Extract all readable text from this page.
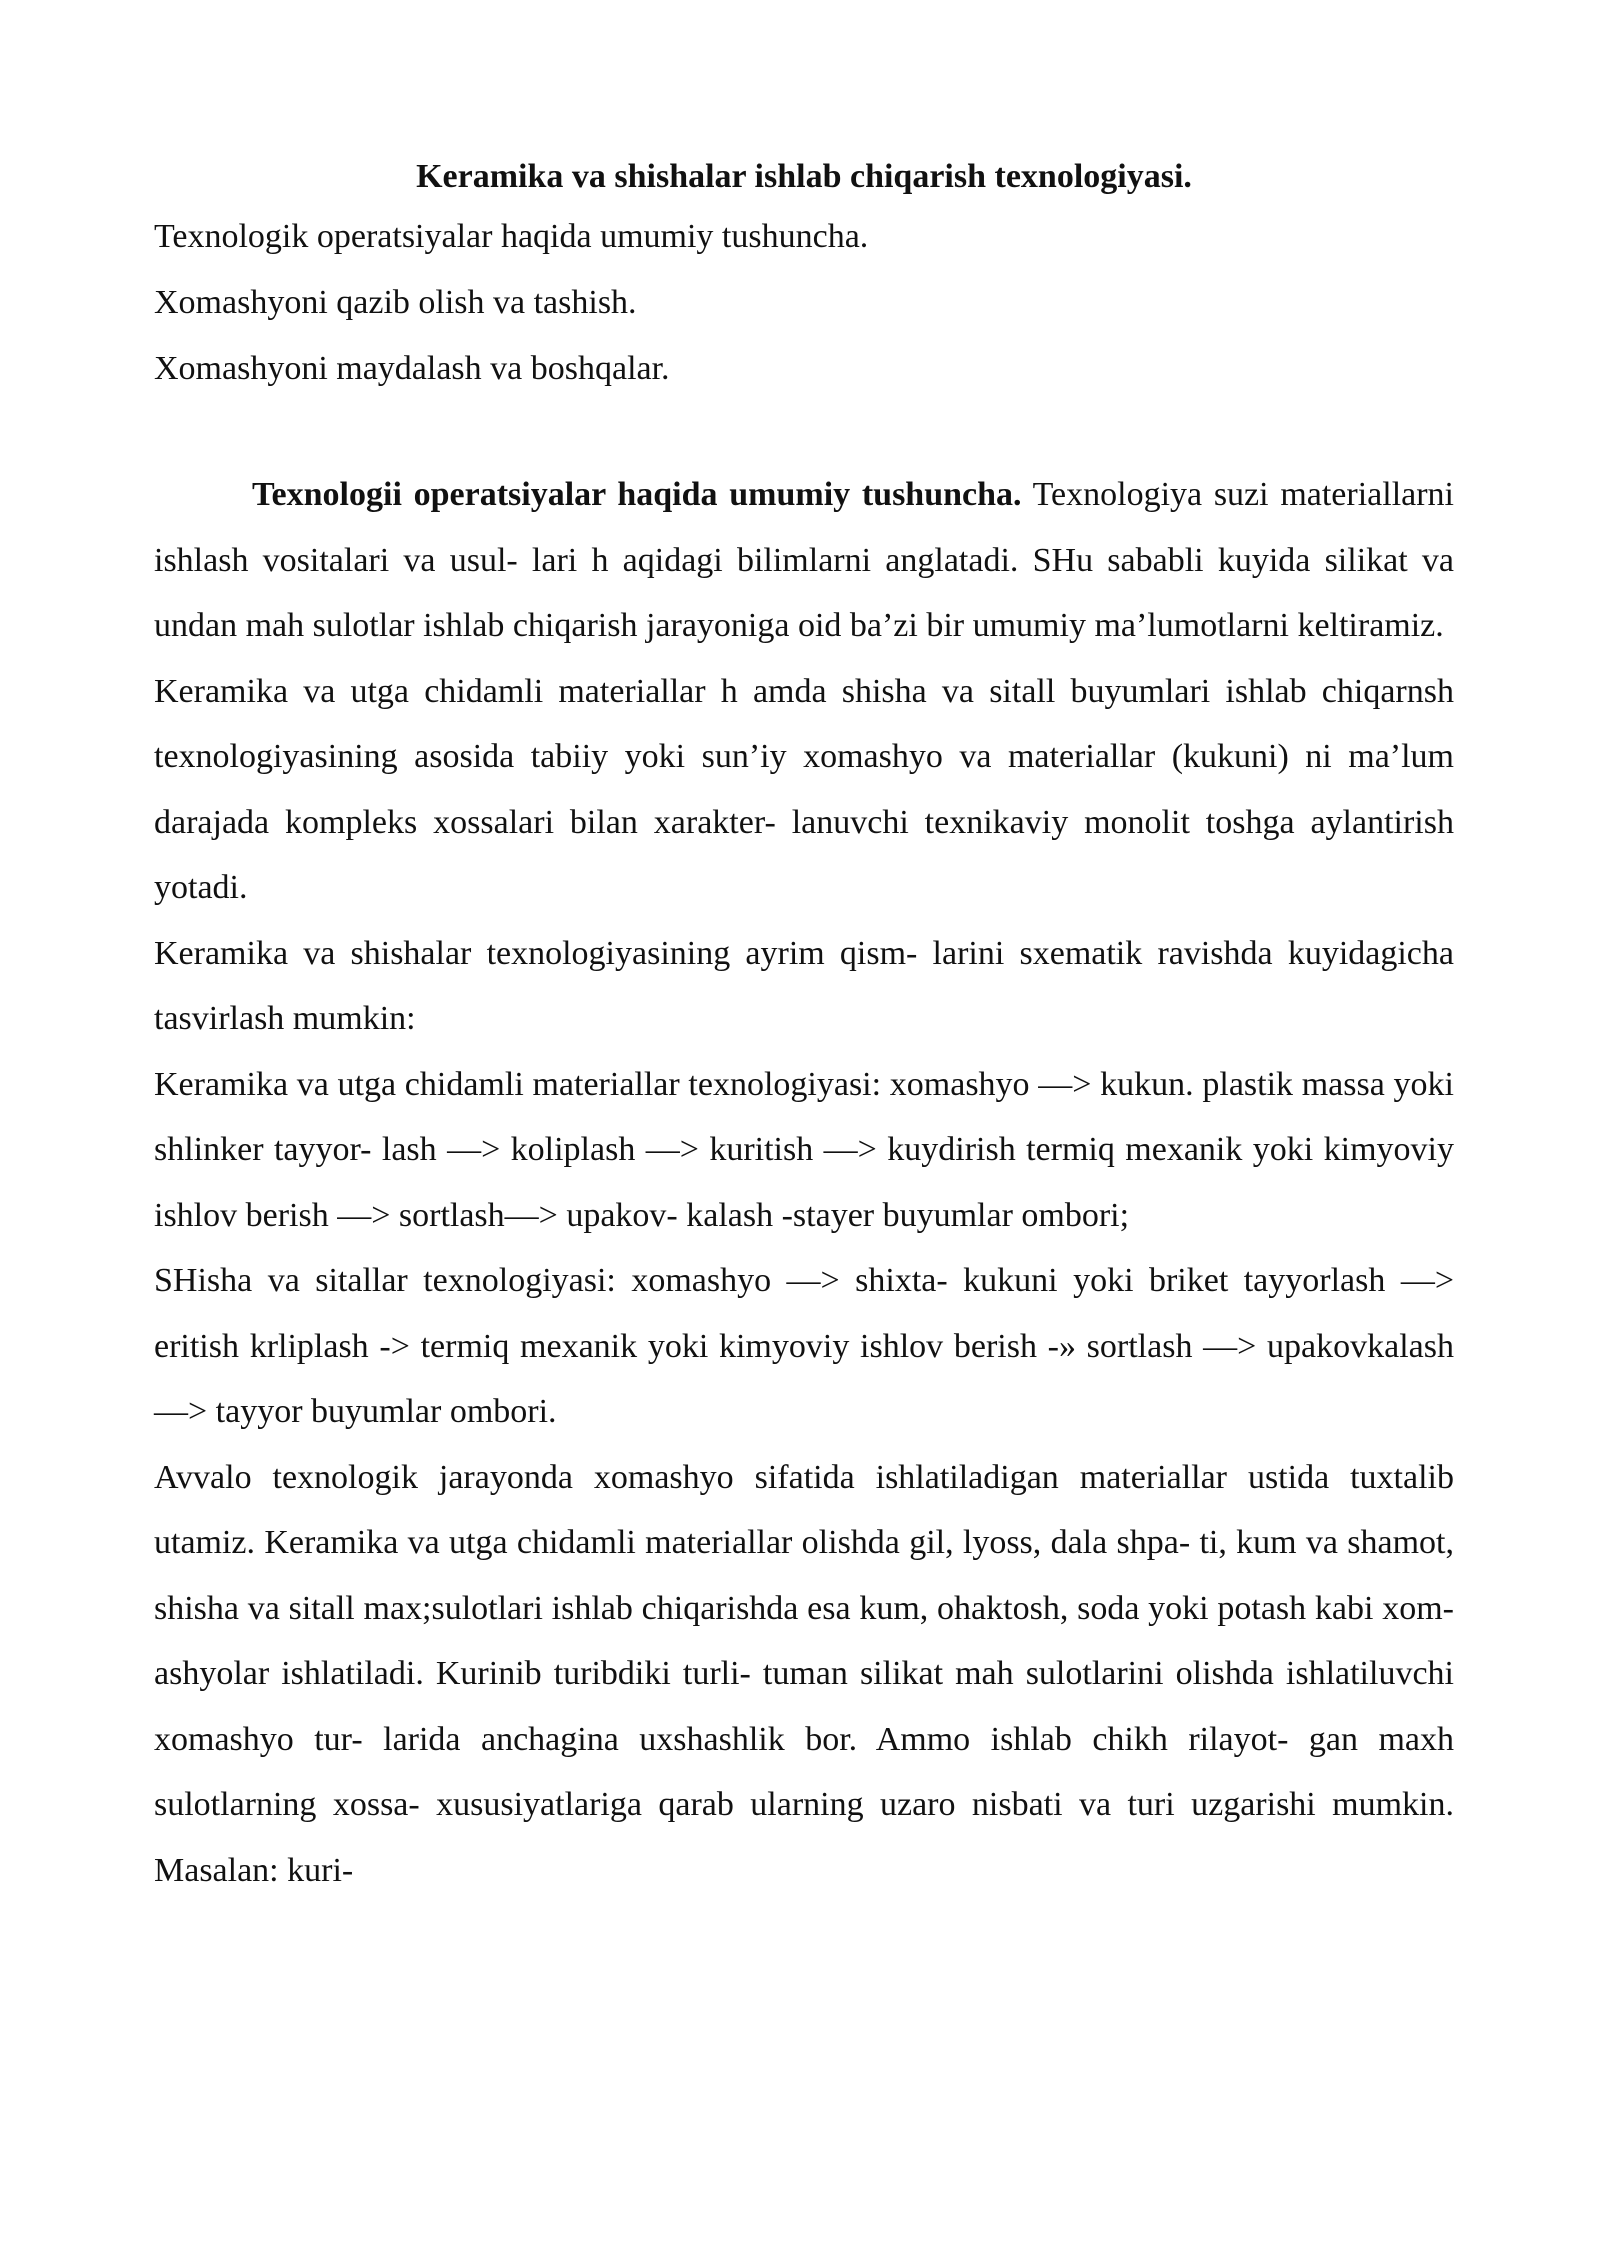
Keramika va shishalar ishlab chiqarish texnologiyasi.

Texnologik operatsiyalar haqida umumiy tushuncha.

Xomashyoni qazib olish va tashish.

Xomashyoni maydalash va boshqalar.

Texnologii operatsiyalar haqida umumiy tushuncha. Texnologiya suzi materiallarni ishlash vositalari va usul- lari h aqidagi bilimlarni anglatadi. SHu sababli kuyida silikat va undan mah sulotlar ishlab chiqarish jarayoniga oid ba’zi bir umumiy ma’lumotlarni keltiramiz.

Keramika va utga chidamli materiallar h amda shisha va sitall buyumlari ishlab chiqarnsh texnologiyasining asosida tabiiy yoki sun’iy xomashyo va materiallar (kukuni) ni ma’lum darajada kompleks xossalari bilan xarakter- lanuvchi texnikaviy monolit toshga aylantirish yotadi.

Keramika va shishalar texnologiyasining ayrim qism- larini sxematik ravishda kuyidagicha tasvirlash mumkin:

Keramika va utga chidamli materiallar texnologiyasi: xomashyo —> kukun. plastik massa yoki shlinker tayyor- lash —> koliplash —> kuritish —> kuydirish termiq mexanik yoki kimyoviy ishlov berish —> sortlash—> upakov- kalash -stayer buyumlar ombori;

SHisha va sitallar texnologiyasi: xomashyo —> shixta- kukuni yoki briket tayyorlash —> eritish krliplash -> termiq mexanik yoki kimyoviy ishlov berish -» sortlash —> upakovkalash —> tayyor buyumlar ombori.

Avvalo texnologik jarayonda xomashyo sifatida ishlatiladigan materiallar ustida tuxtalib utamiz. Keramika va utga chidamli materiallar olishda gil, lyoss, dala shpa- ti, kum va shamot, shisha va sitall max;sulotlari ishlab chiqarishda esa kum, ohaktosh, soda yoki potash kabi xom- ashyolar ishlatiladi. Kurinib turibdiki turli- tuman silikat mah sulotlarini olishda ishlatiluvchi xomashyo tur- larida anchagina uxshashlik bor. Ammo ishlab chikh rilayot- gan maxh sulotlarning xossa- xususiyatlariga qarab ularning uzaro nisbati va turi uzgarishi mumkin. Masalan: kuri-
